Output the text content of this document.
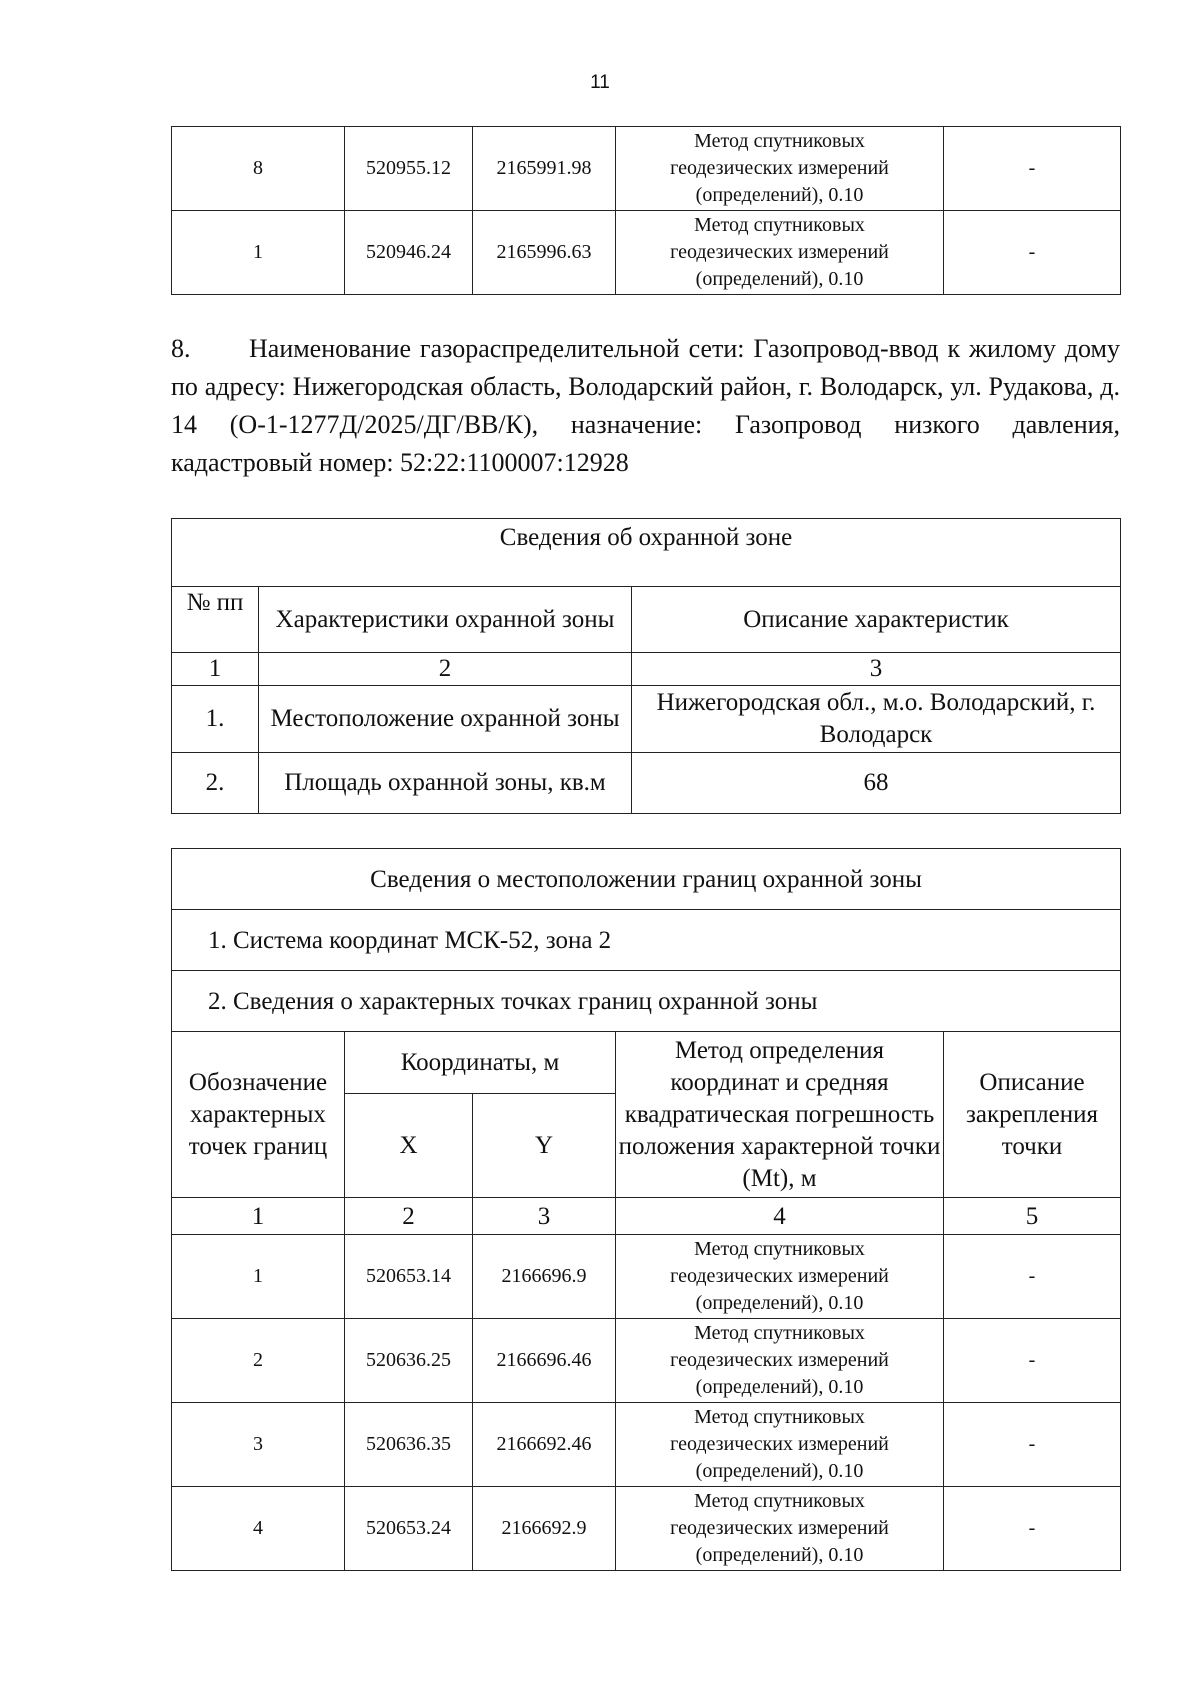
11
8	520955.12	2165991.98	Метод спутниковых
геодезических измерений
(определений), 0.10	-
1	520946.24	2165996.63	Метод спутниковых
геодезических измерений
(определений), 0.10	-
8. Наименование газораспределительной сети: Газопровод-ввод к жилому дому по адресу: Нижегородская область, Володарский район, г. Володарск, ул. Рудакова, д. 14 (О-1-1277Д/2025/ДГ/ВВ/К), назначение: Газопровод низкого давления, кадастровый номер: 52:22:1100007:12928
Сведения об охранной зоне		
№ пп	Характеристики охранной зоны	Описание характеристик
1	2	3
1.	Местоположение охранной зоны	Нижегородская обл., м.о. Володарский, г. Володарск
2.	Площадь охранной зоны, кв.м	68
Сведения о местоположении границ охранной зоны				
1. Система координат МСК-52, зона 2				
2. Сведения о характерных точках границ охранной зоны				
Обозначение характерных точек границ	Координаты, м		Метод определения координат и средняя квадратическая погрешность положения характерной точки (Mt), м	Описание закрепления точки
	X	Y		
1	2	3	4	5
1	520653.14	2166696.9	Метод спутниковых
геодезических измерений
(определений), 0.10	-
2	520636.25	2166696.46	Метод спутниковых
геодезических измерений
(определений), 0.10	-
3	520636.35	2166692.46	Метод спутниковых
геодезических измерений
(определений), 0.10	-
4	520653.24	2166692.9	Метод спутниковых
геодезических измерений
(определений), 0.10	-
